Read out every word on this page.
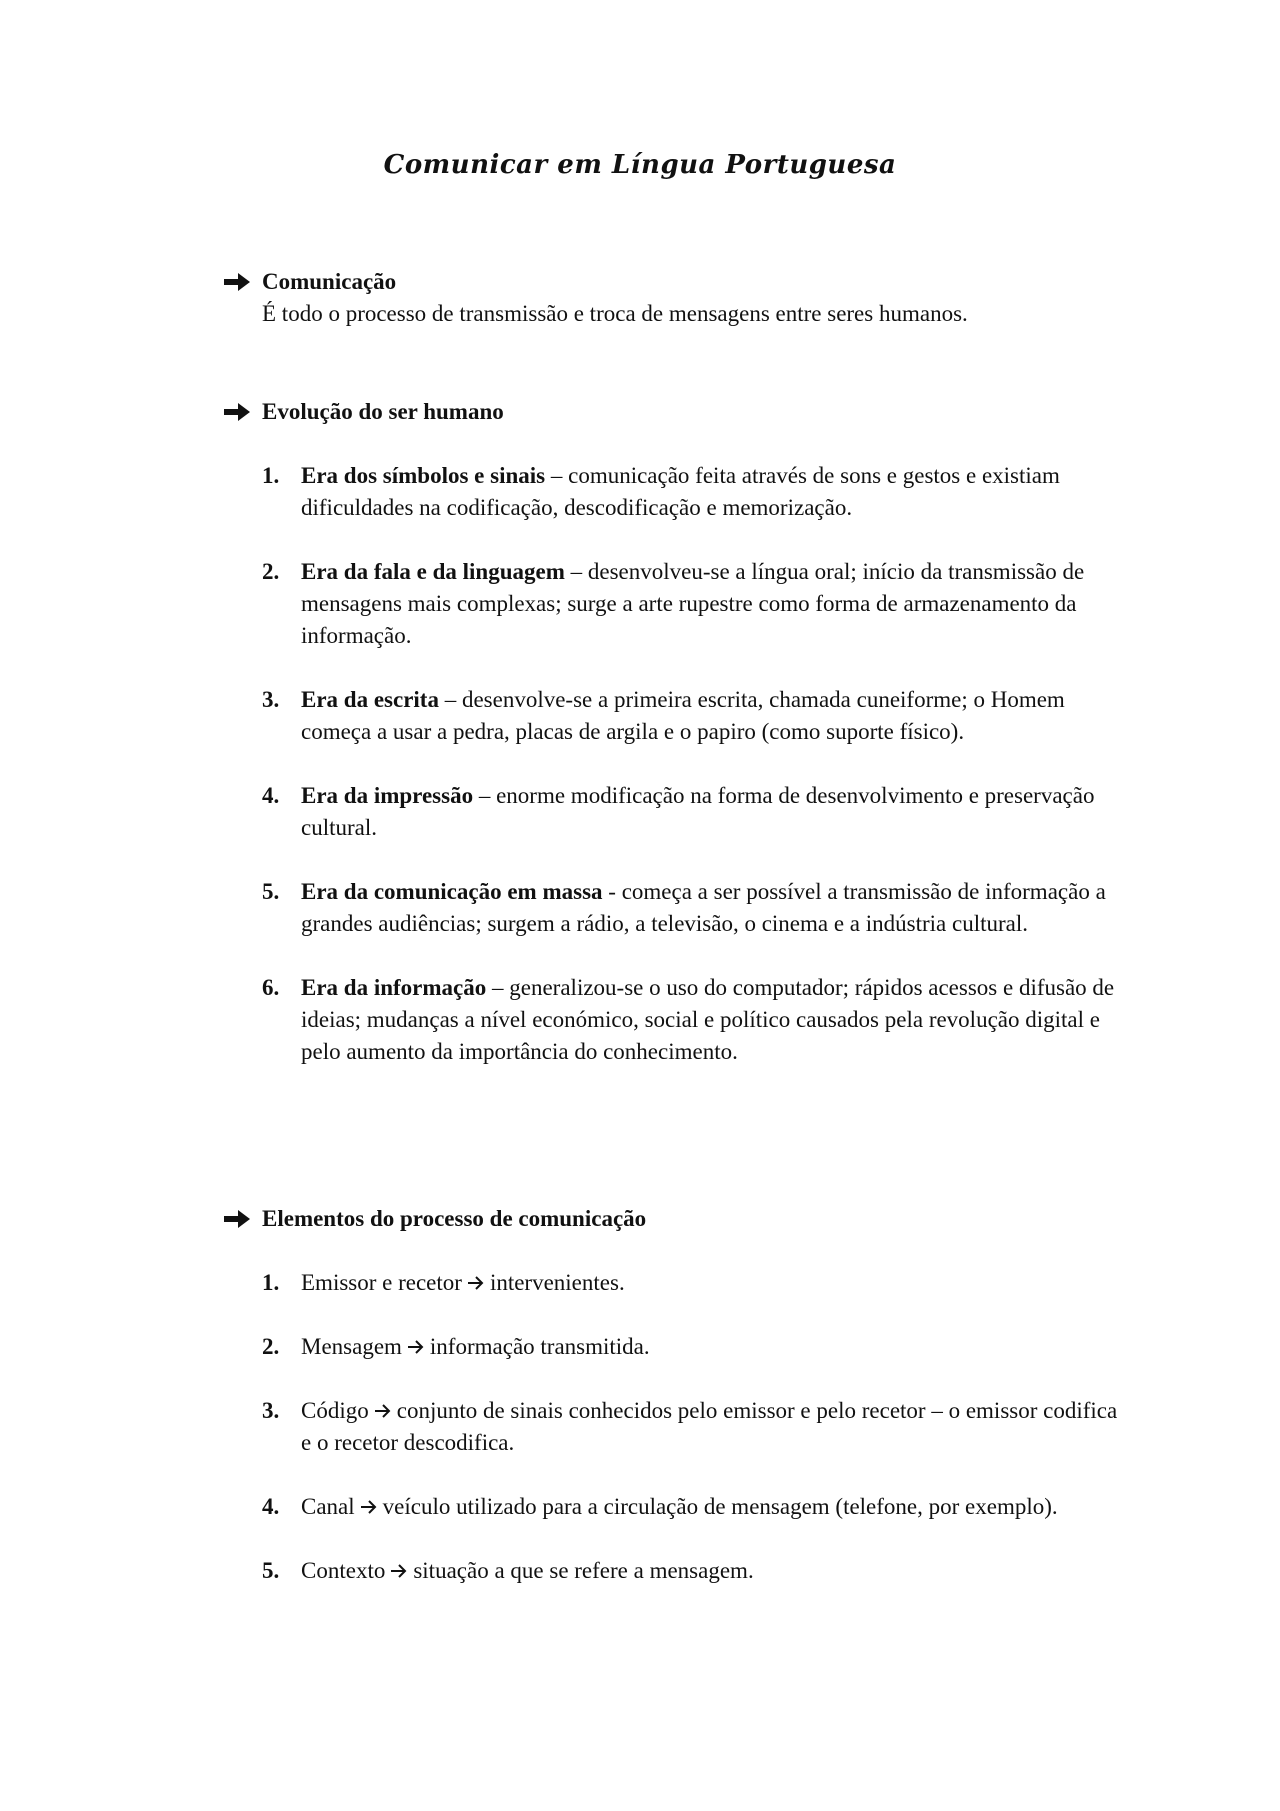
Comunicar em Língua Portuguesa
Comunicação
É todo o processo de transmissão e troca de mensagens entre seres humanos.
Evolução do ser humano
1. Era dos símbolos e sinais – comunicação feita através de sons e gestos e existiam dificuldades na codificação, descodificação e memorização.
2. Era da fala e da linguagem – desenvolveu-se a língua oral; início da transmissão de mensagens mais complexas; surge a arte rupestre como forma de armazenamento da informação.
3. Era da escrita – desenvolve-se a primeira escrita, chamada cuneiforme; o Homem começa a usar a pedra, placas de argila e o papiro (como suporte físico).
4. Era da impressão – enorme modificação na forma de desenvolvimento e preservação cultural.
5. Era da comunicação em massa - começa a ser possível a transmissão de informação a grandes audiências; surgem a rádio, a televisão, o cinema e a indústria cultural.
6. Era da informação – generalizou-se o uso do computador; rápidos acessos e difusão de ideias; mudanças a nível económico, social e político causados pela revolução digital e pelo aumento da importância do conhecimento.
Elementos do processo de comunicação
1. Emissor e recetor intervenientes.
2. Mensagem informação transmitida.
3. Código conjunto de sinais conhecidos pelo emissor e pelo recetor – o emissor codifica e o recetor descodifica.
4. Canal veículo utilizado para a circulação de mensagem (telefone, por exemplo).
5. Contexto situação a que se refere a mensagem.
